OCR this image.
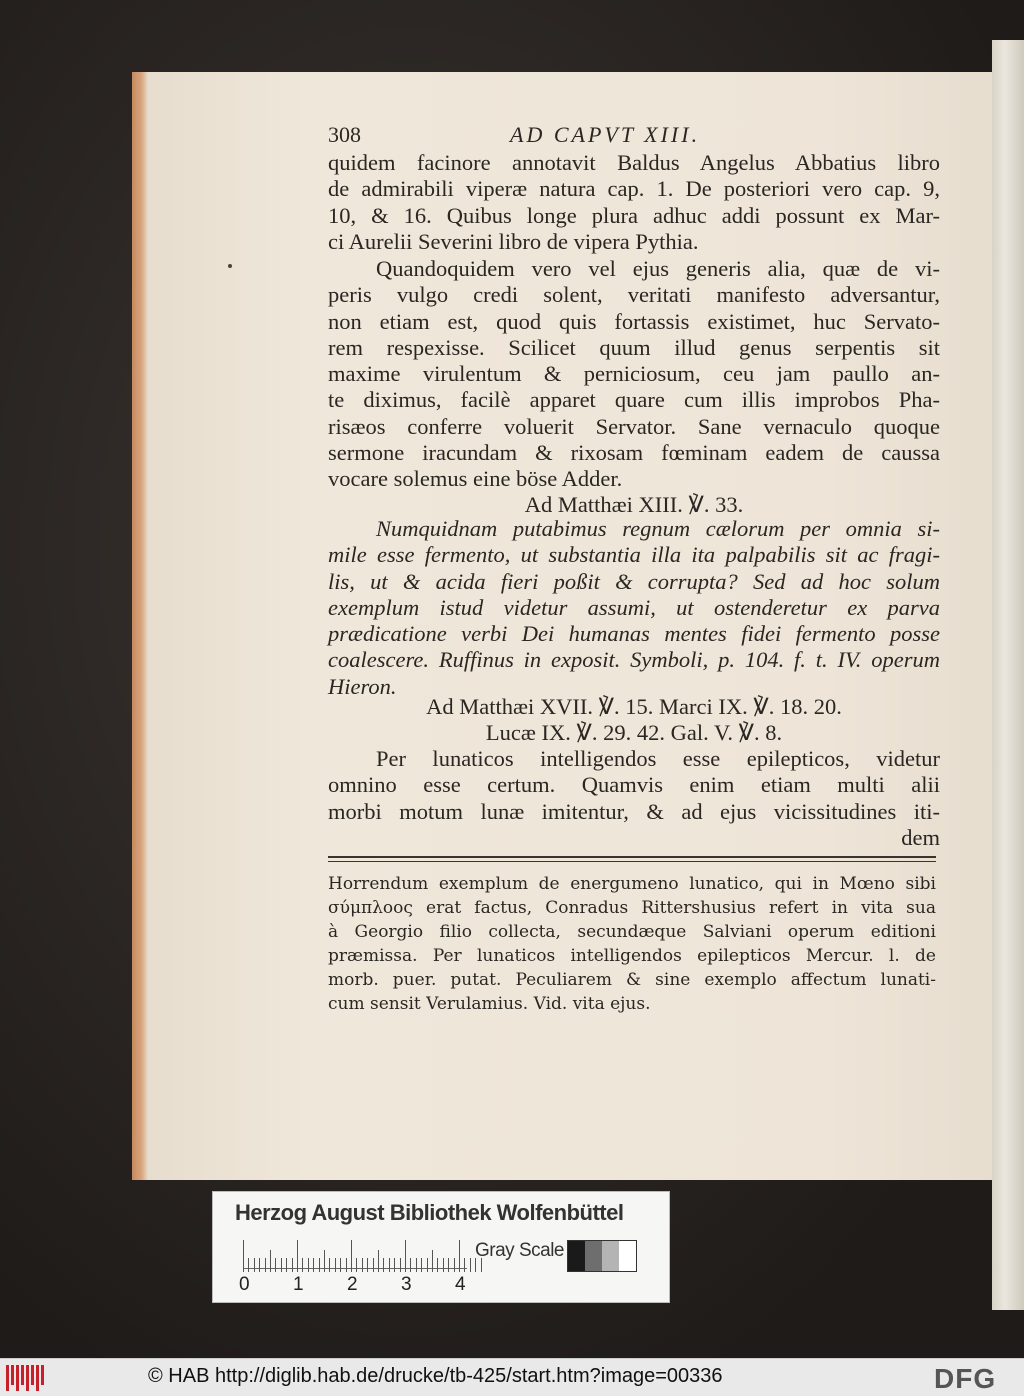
308	AD CAPVT XIII.
quidem facinore annotavit Baldus Angelus Abbatius libro
de admirabili viperæ natura cap. 1. De posteriori vero cap. 9,
10, & 16. Quibus longe plura adhuc addi possunt ex Mar-
ci Aurelii Severini libro de vipera Pythia.
Quandoquidem vero vel ejus generis alia, quæ de vi-
peris vulgo credi solent, veritati manifesto adversantur,
non etiam est, quod quis fortassis existimet, huc Servato-
rem respexisse. Scilicet quum illud genus serpentis sit
maxime virulentum & perniciosum, ceu jam paullo an-
te diximus, facilè apparet quare cum illis improbos Pha-
risæos conferre voluerit Servator. Sane vernaculo quoque
sermone iracundam & rixosam fœminam eadem de caussa
vocare solemus eine böse Adder.
Ad Matthæi XIII. ℣. 33.
Numquidnam putabimus regnum cælorum per omnia si-
mile esse fermento, ut substantia illa ita palpabilis sit ac fragi-
lis, ut & acida fieri poßit & corrupta? Sed ad hoc solum
exemplum istud videtur assumi, ut ostenderetur ex parva
prædicatione verbi Dei humanas mentes fidei fermento posse
coalescere. Ruffinus in exposit. Symboli, p. 104. f. t. IV. operum
Hieron.
Ad Matthæi XVII. ℣. 15. Marci IX. ℣. 18. 20.
Lucæ IX. ℣. 29. 42. Gal. V. ℣. 8.
Per lunaticos intelligendos esse epilepticos, videtur
omnino esse certum. Quamvis enim etiam multi alii
morbi motum lunæ imitentur, & ad ejus vicissitudines iti-
dem
Horrendum exemplum de energumeno lunatico, qui in Mœno sibi
σύμπλοος erat factus, Conradus Rittershusius refert in vita sua
à Georgio filio collecta, secundæque Salviani operum editioni
præmissa. Per lunaticos intelligendos epilepticos Mercur. l. de
morb. puer. putat. Peculiarem & sine exemplo affectum lunati-
cum sensit Verulamius. Vid. vita ejus.
Herzog August Bibliothek Wolfenbüttel
0 1 2 3 4
Gray Scale
© HAB http://diglib.hab.de/drucke/tb-425/start.htm?image=00336	DFG
